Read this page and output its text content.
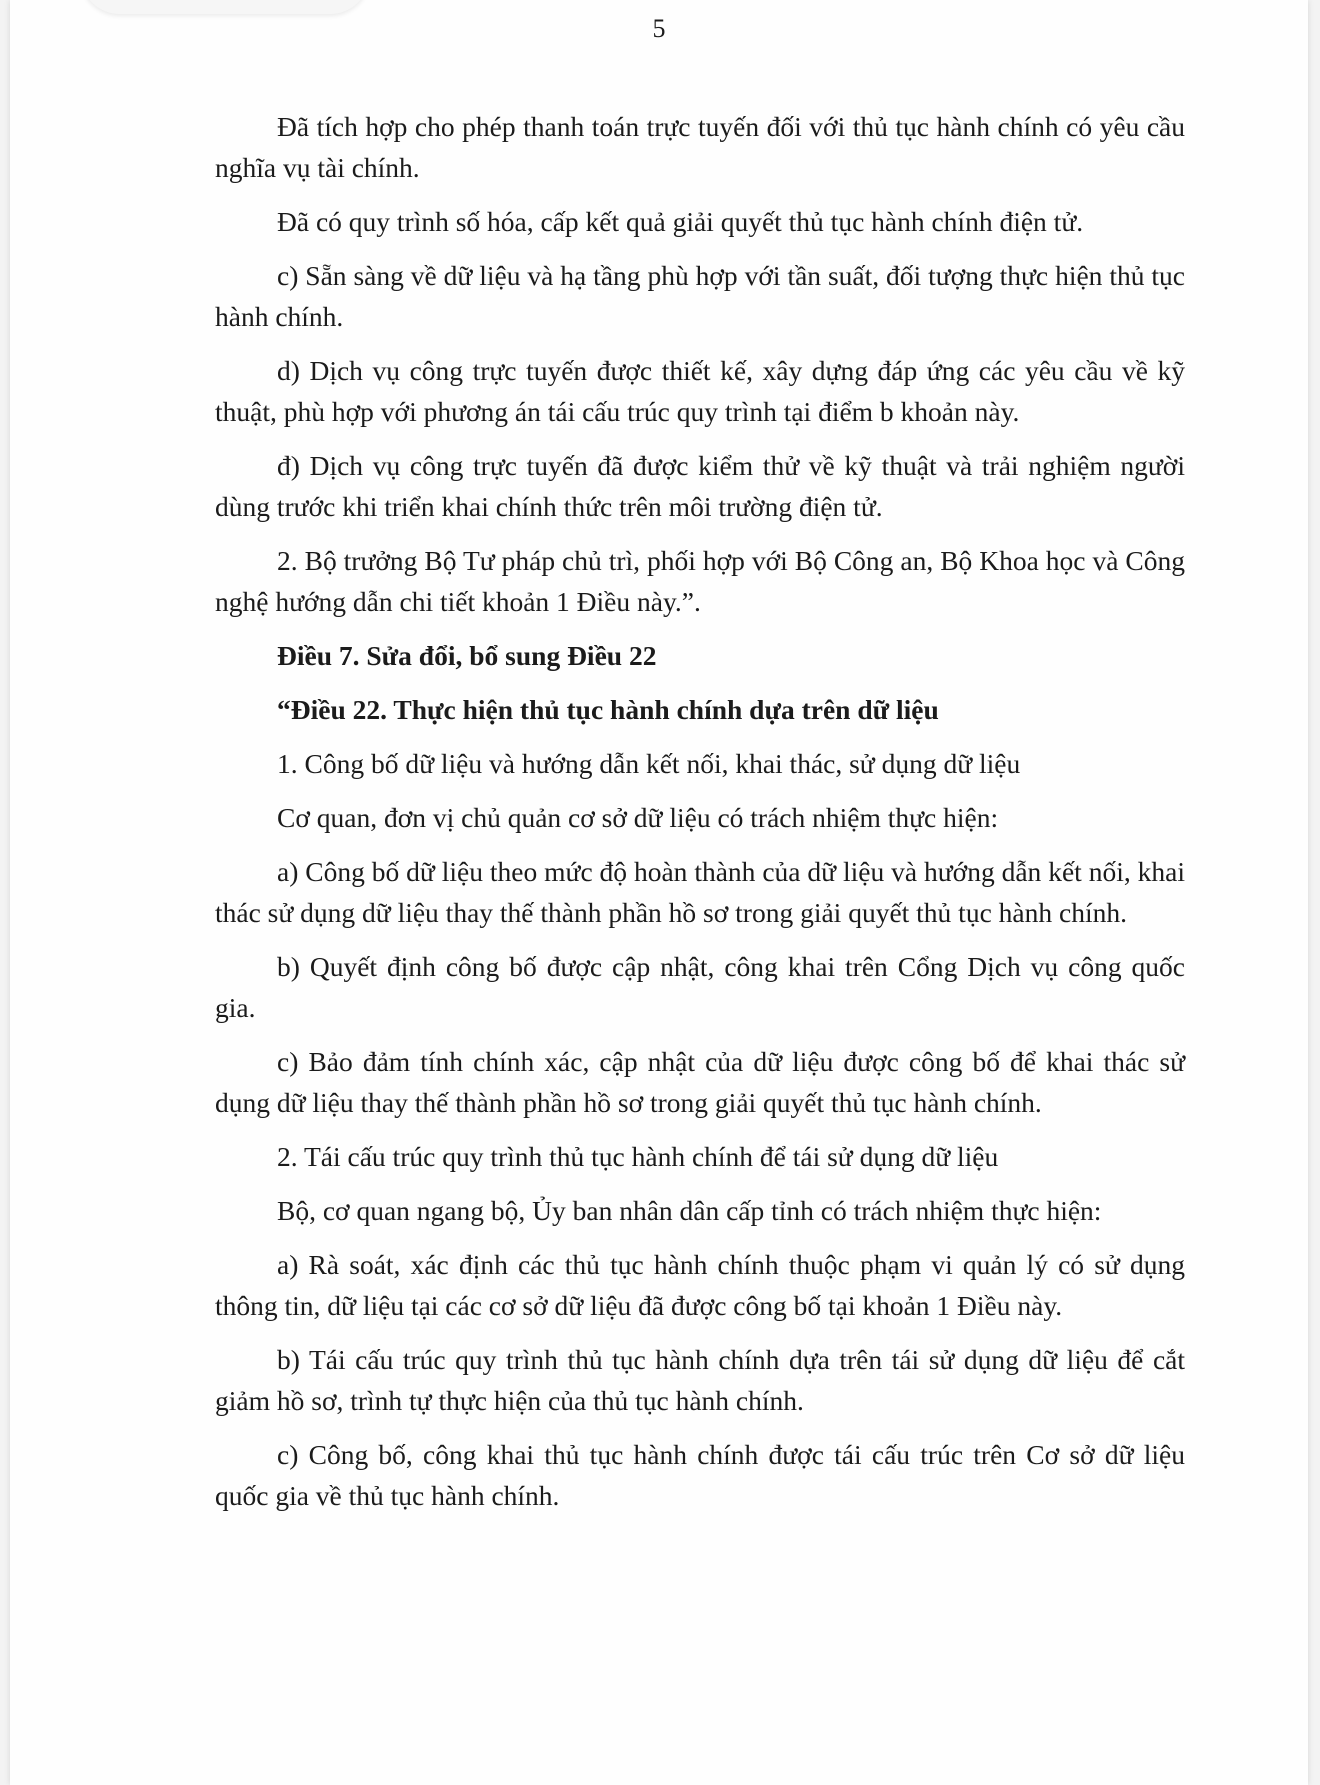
5

Đã tích hợp cho phép thanh toán trực tuyến đối với thủ tục hành chính có yêu cầu nghĩa vụ tài chính.

Đã có quy trình số hóa, cấp kết quả giải quyết thủ tục hành chính điện tử.

c) Sẵn sàng về dữ liệu và hạ tầng phù hợp với tần suất, đối tượng thực hiện thủ tục hành chính.

d) Dịch vụ công trực tuyến được thiết kế, xây dựng đáp ứng các yêu cầu về kỹ thuật, phù hợp với phương án tái cấu trúc quy trình tại điểm b khoản này.

đ) Dịch vụ công trực tuyến đã được kiểm thử về kỹ thuật và trải nghiệm người dùng trước khi triển khai chính thức trên môi trường điện tử.

2. Bộ trưởng Bộ Tư pháp chủ trì, phối hợp với Bộ Công an, Bộ Khoa học và Công nghệ hướng dẫn chi tiết khoản 1 Điều này.”.

Điều 7. Sửa đổi, bổ sung Điều 22

“Điều 22. Thực hiện thủ tục hành chính dựa trên dữ liệu

1. Công bố dữ liệu và hướng dẫn kết nối, khai thác, sử dụng dữ liệu

Cơ quan, đơn vị chủ quản cơ sở dữ liệu có trách nhiệm thực hiện:

a) Công bố dữ liệu theo mức độ hoàn thành của dữ liệu và hướng dẫn kết nối, khai thác sử dụng dữ liệu thay thế thành phần hồ sơ trong giải quyết thủ tục hành chính.

b) Quyết định công bố được cập nhật, công khai trên Cổng Dịch vụ công quốc gia.

c) Bảo đảm tính chính xác, cập nhật của dữ liệu được công bố để khai thác sử dụng dữ liệu thay thế thành phần hồ sơ trong giải quyết thủ tục hành chính.

2. Tái cấu trúc quy trình thủ tục hành chính để tái sử dụng dữ liệu

Bộ, cơ quan ngang bộ, Ủy ban nhân dân cấp tỉnh có trách nhiệm thực hiện:

a) Rà soát, xác định các thủ tục hành chính thuộc phạm vi quản lý có sử dụng thông tin, dữ liệu tại các cơ sở dữ liệu đã được công bố tại khoản 1 Điều này.

b) Tái cấu trúc quy trình thủ tục hành chính dựa trên tái sử dụng dữ liệu để cắt giảm hồ sơ, trình tự thực hiện của thủ tục hành chính.

c) Công bố, công khai thủ tục hành chính được tái cấu trúc trên Cơ sở dữ liệu quốc gia về thủ tục hành chính.
